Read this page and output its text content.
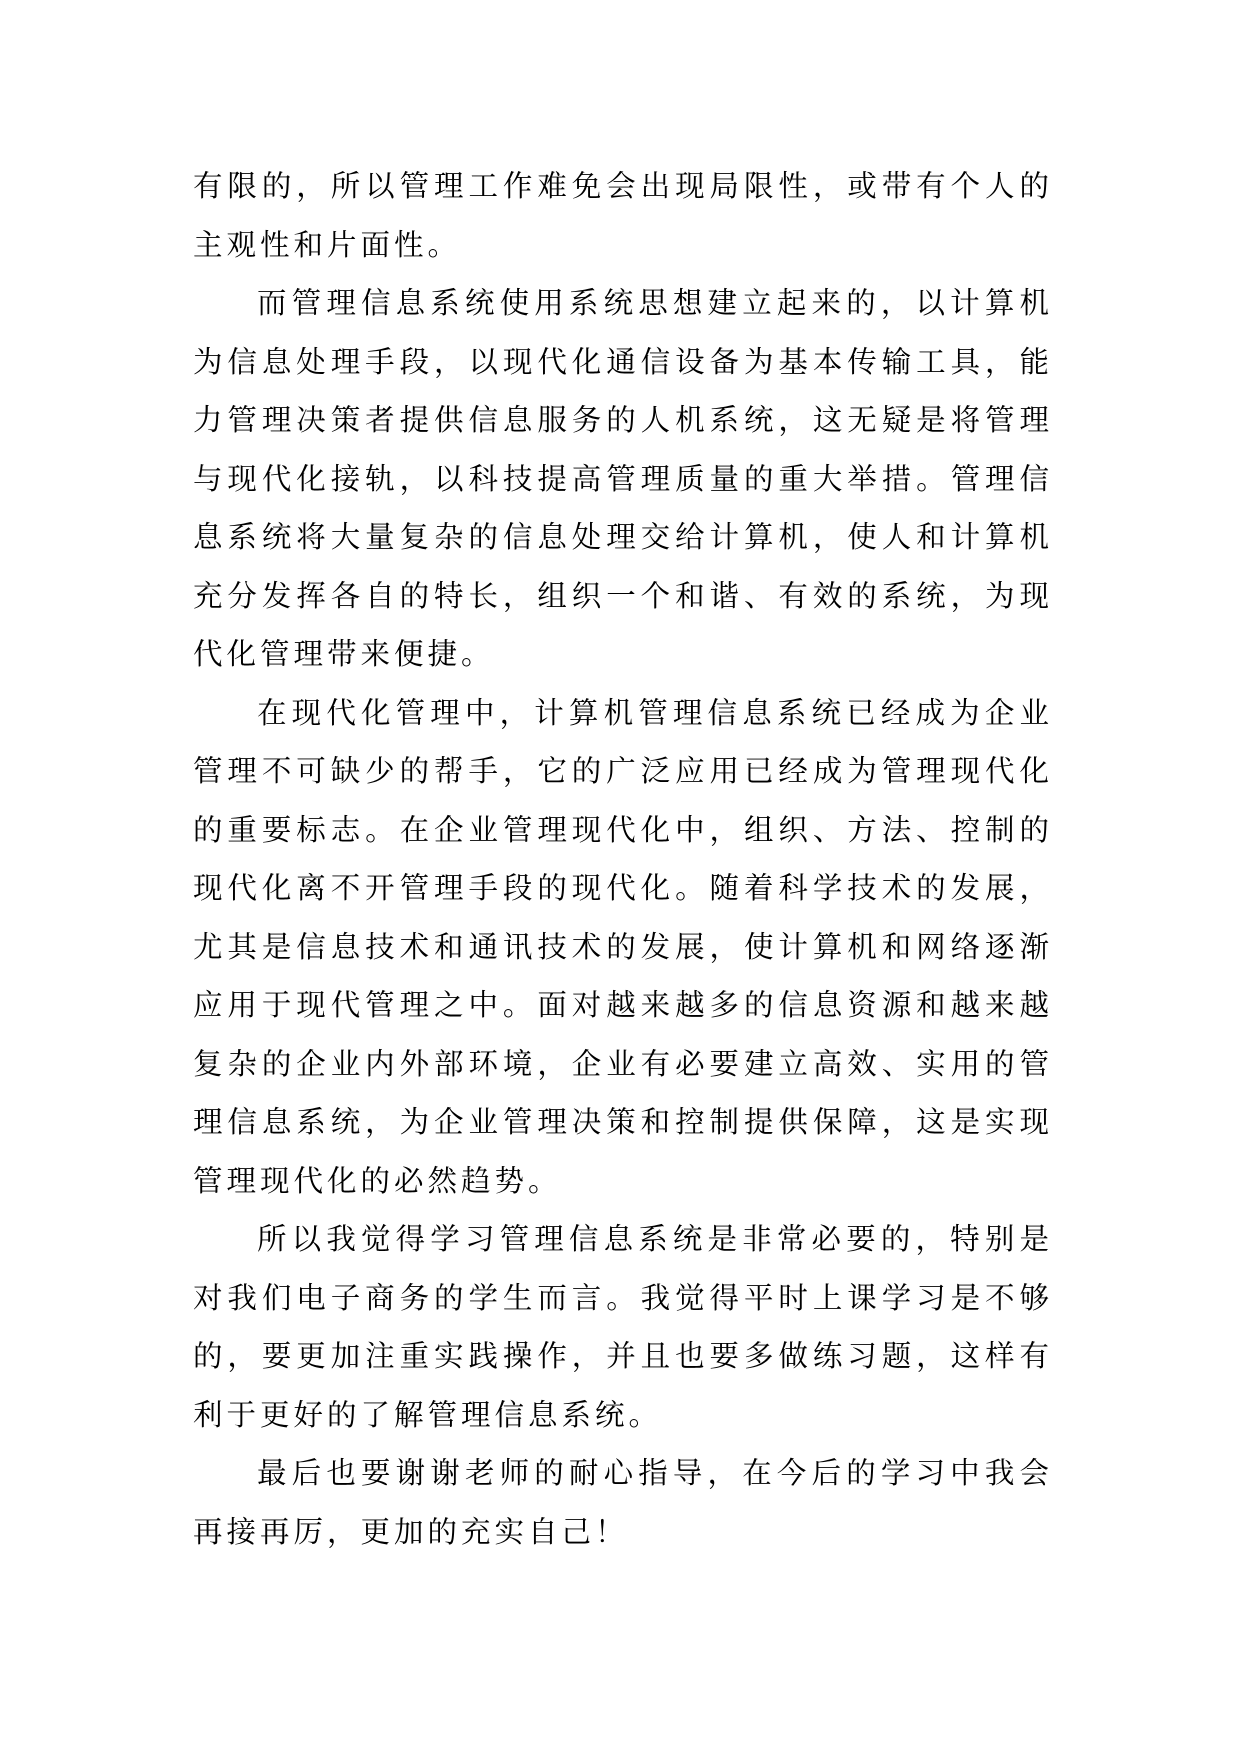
有限的，所以管理工作难免会出现局限性，或带有个人的主观性和片面性。

而管理信息系统使用系统思想建立起来的，以计算机为信息处理手段，以现代化通信设备为基本传输工具，能力管理决策者提供信息服务的人机系统，这无疑是将管理与现代化接轨，以科技提高管理质量的重大举措。管理信息系统将大量复杂的信息处理交给计算机，使人和计算机充分发挥各自的特长，组织一个和谐、有效的系统，为现代化管理带来便捷。

在现代化管理中，计算机管理信息系统已经成为企业管理不可缺少的帮手，它的广泛应用已经成为管理现代化的重要标志。在企业管理现代化中，组织、方法、控制的现代化离不开管理手段的现代化。随着科学技术的发展，尤其是信息技术和通讯技术的发展，使计算机和网络逐渐应用于现代管理之中。面对越来越多的信息资源和越来越复杂的企业内外部环境，企业有必要建立高效、实用的管理信息系统，为企业管理决策和控制提供保障，这是实现管理现代化的必然趋势。

所以我觉得学习管理信息系统是非常必要的，特别是对我们电子商务的学生而言。我觉得平时上课学习是不够的，要更加注重实践操作，并且也要多做练习题，这样有利于更好的了解管理信息系统。

最后也要谢谢老师的耐心指导，在今后的学习中我会再接再厉，更加的充实自己！
